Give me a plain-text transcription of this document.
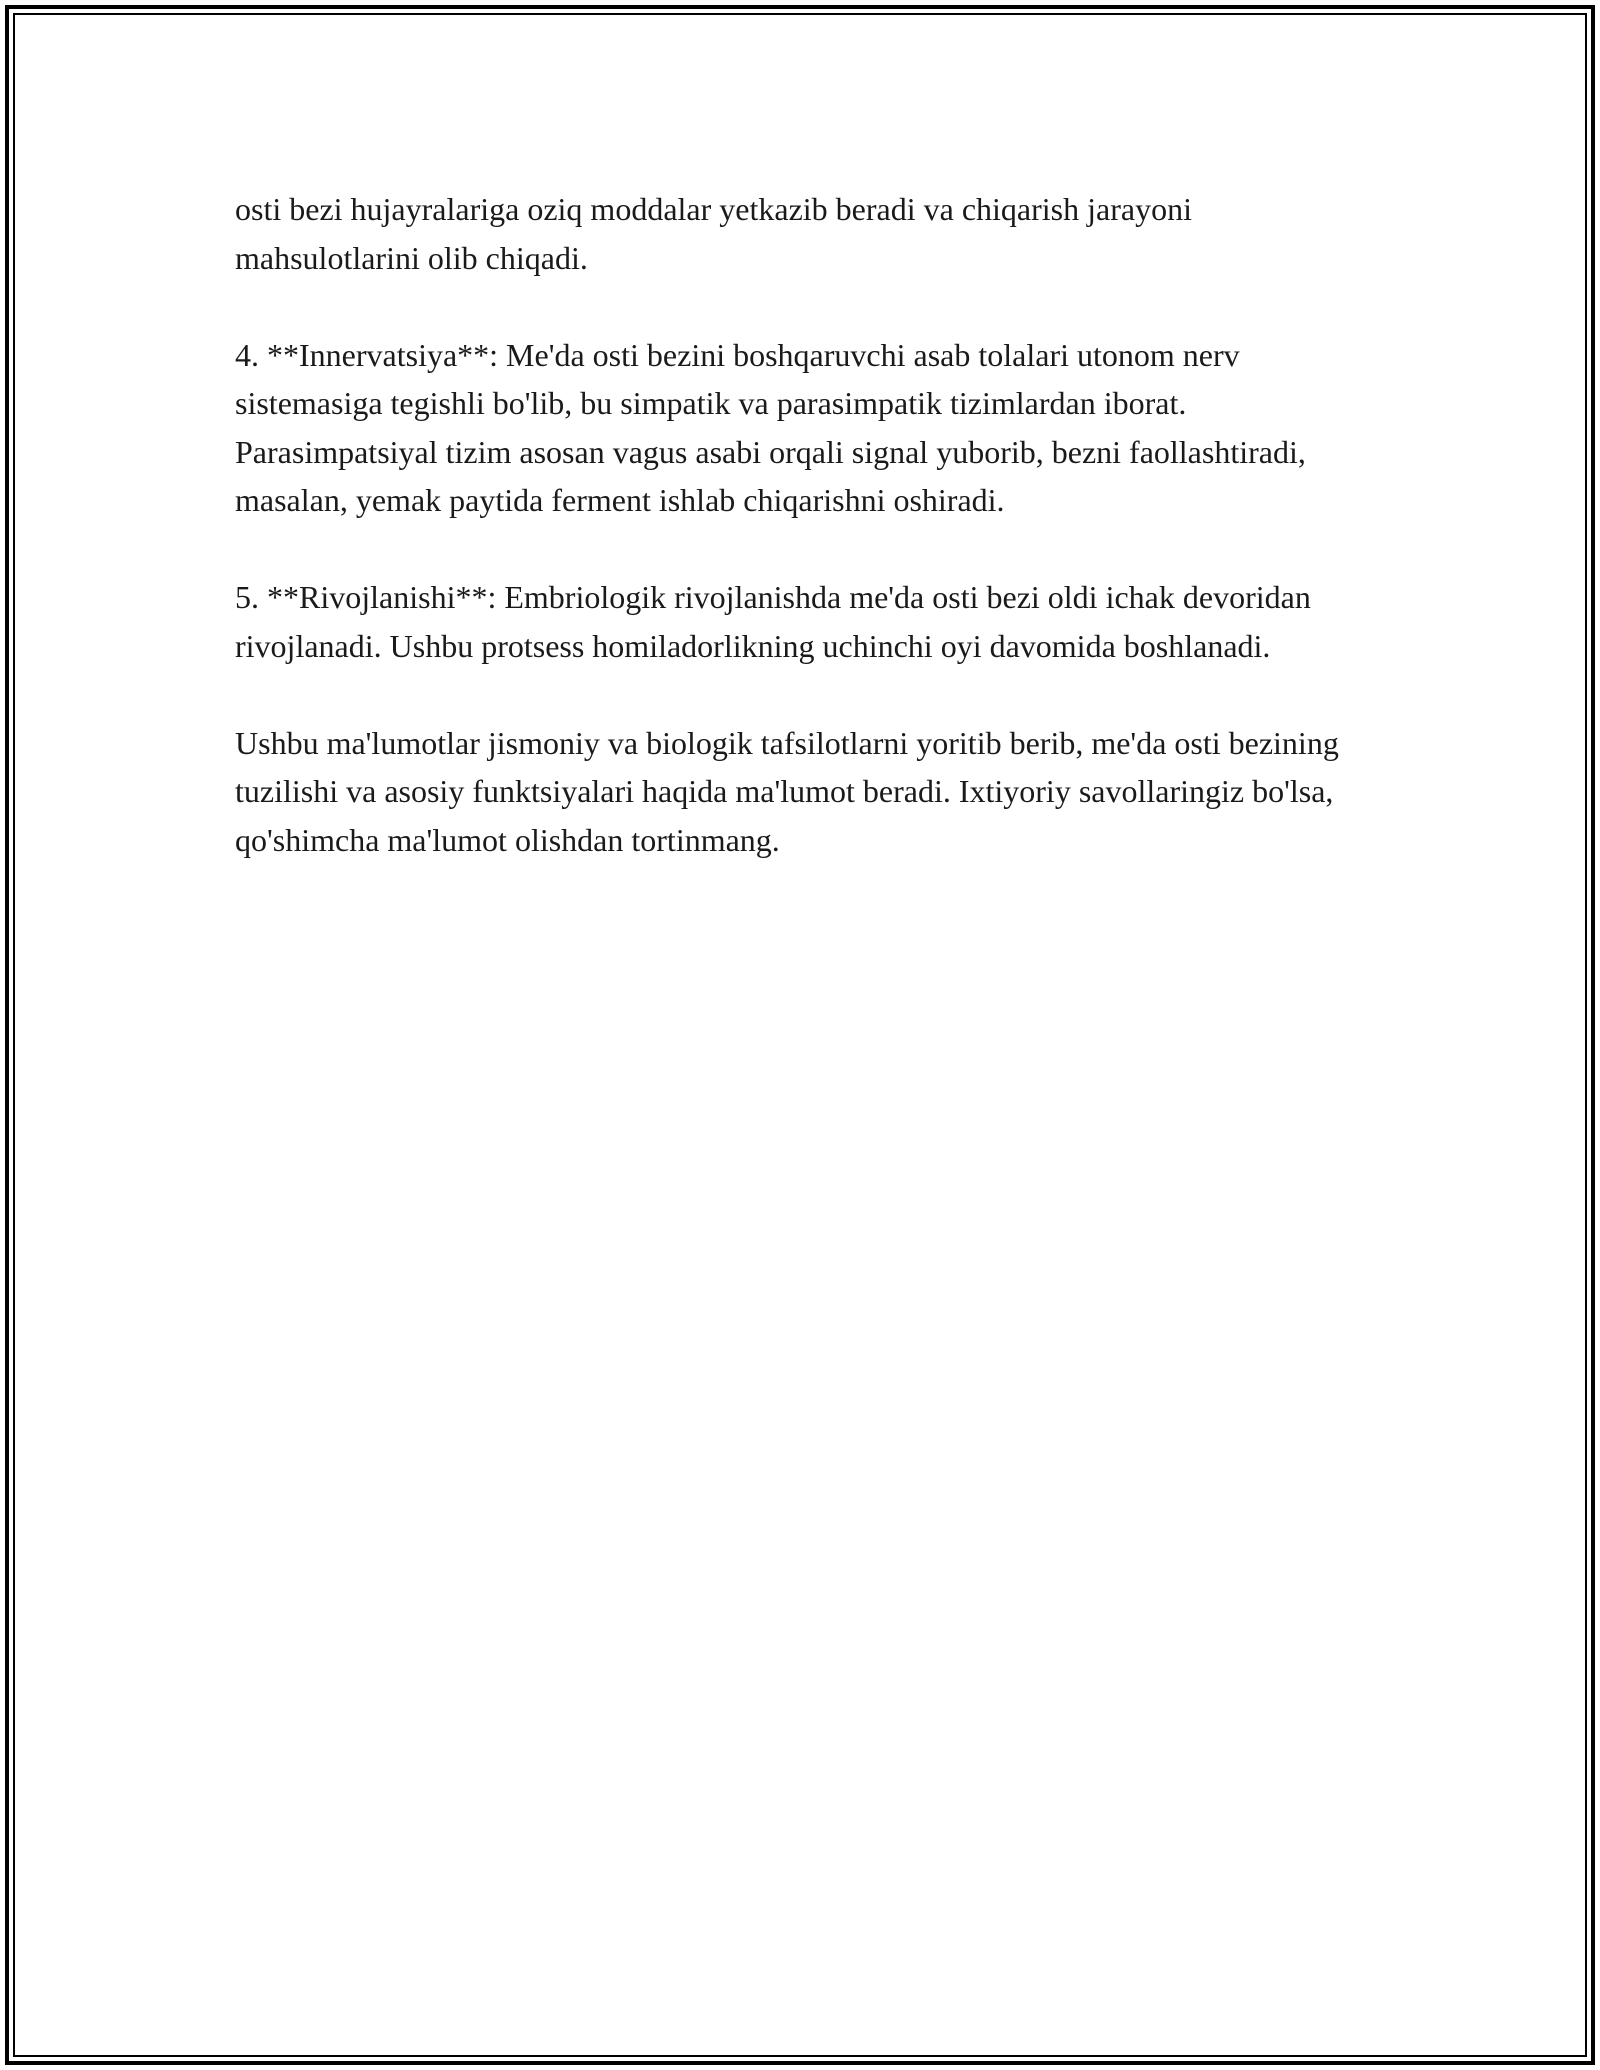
osti bezi hujayralariga oziq moddalar yetkazib beradi va chiqarish jarayoni mahsulotlarini olib chiqadi.

4. **Innervatsiya**: Me'da osti bezini boshqaruvchi asab tolalari utonom nerv sistemasiga tegishli bo'lib, bu simpatik va parasimpatik tizimlardan iborat. Parasimpatsiyal tizim asosan vagus asabi orqali signal yuborib, bezni faollashtiradi, masalan, yemak paytida ferment ishlab chiqarishni oshiradi.

5. **Rivojlanishi**: Embriologik rivojlanishda me'da osti bezi oldi ichak devoridan rivojlanadi. Ushbu protsess homiladorlikning uchinchi oyi davomida boshlanadi.

Ushbu ma'lumotlar jismoniy va biologik tafsilotlarni yoritib berib, me'da osti bezining tuzilishi va asosiy funktsiyalari haqida ma'lumot beradi. Ixtiyoriy savollaringiz bo'lsa, qo'shimcha ma'lumot olishdan tortinmang.
